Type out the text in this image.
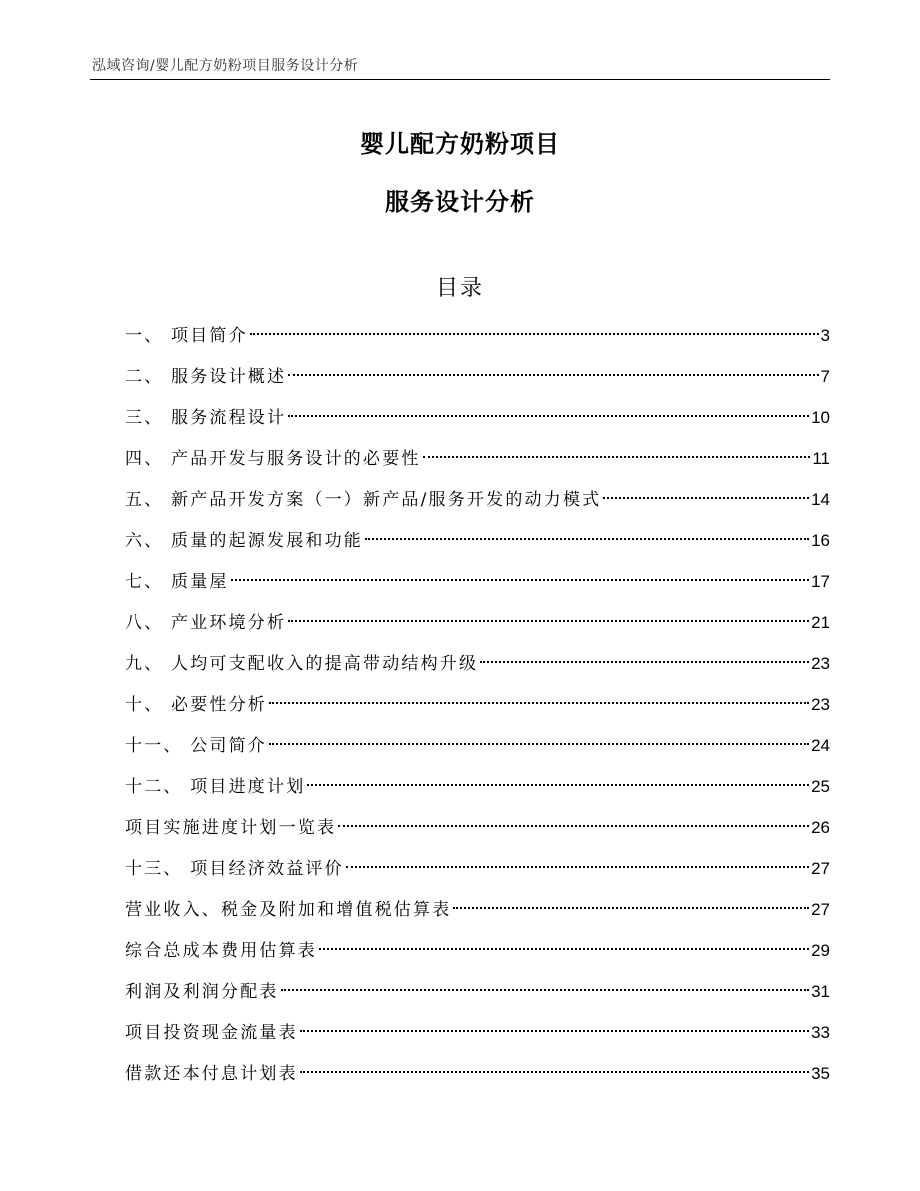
泓域咨询/婴儿配方奶粉项目服务设计分析
婴儿配方奶粉项目
服务设计分析
目录
一、 项目简介	3
二、 服务设计概述	7
三、 服务流程设计	10
四、 产品开发与服务设计的必要性	11
五、 新产品开发方案（一）新产品/服务开发的动力模式	14
六、 质量的起源发展和功能	16
七、 质量屋	17
八、 产业环境分析	21
九、 人均可支配收入的提高带动结构升级	23
十、 必要性分析	23
十一、 公司简介	24
十二、 项目进度计划	25
项目实施进度计划一览表	26
十三、 项目经济效益评价	27
营业收入、税金及附加和增值税估算表	27
综合总成本费用估算表	29
利润及利润分配表	31
项目投资现金流量表	33
借款还本付息计划表	35
